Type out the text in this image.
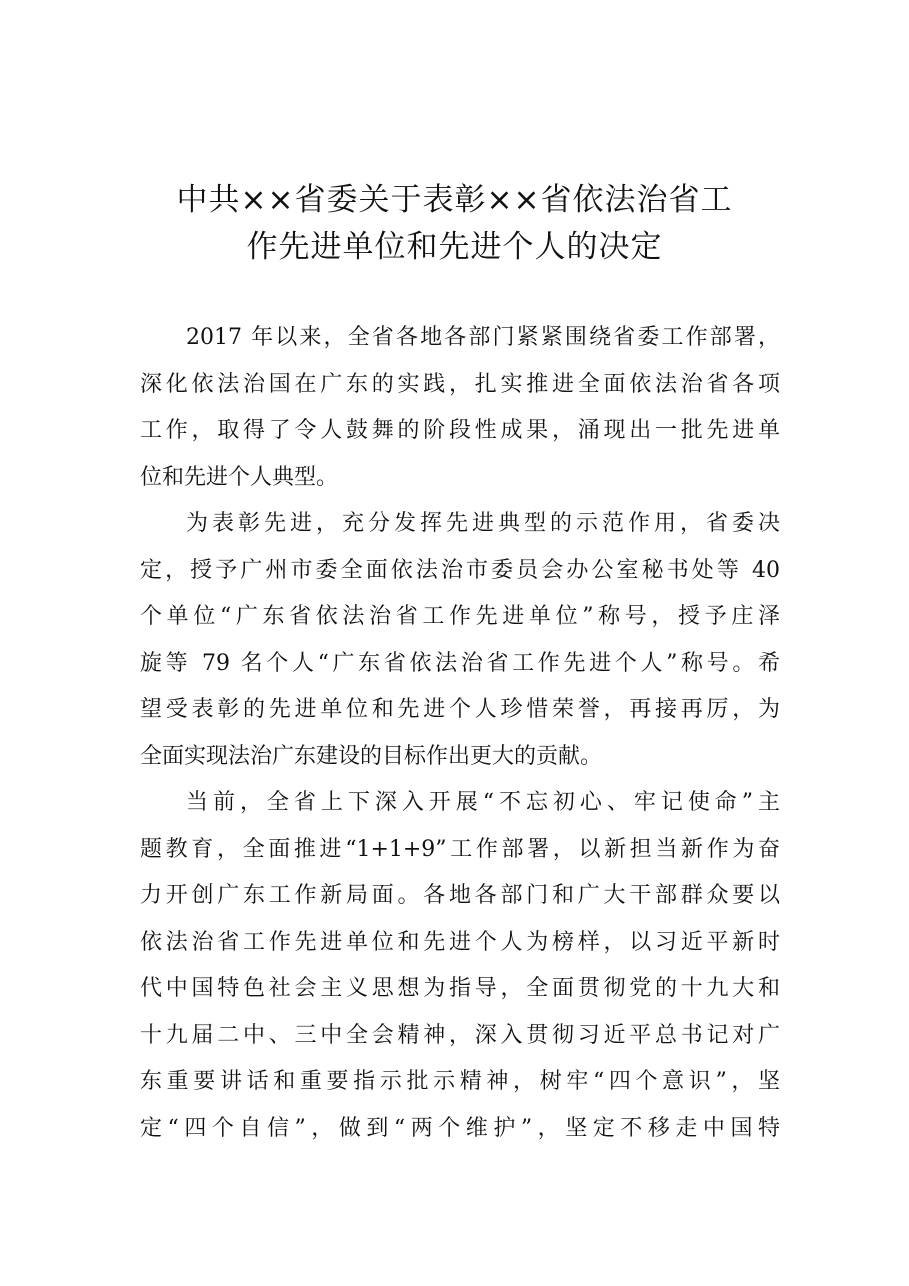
中共××省委关于表彰××省依法治省工
作先进单位和先进个人的决定
2017 年以来，全省各地各部门紧紧围绕省委工作部署，
深化依法治国在广东的实践，扎实推进全面依法治省各项
工作，取得了令人鼓舞的阶段性成果，涌现出一批先进单
位和先进个人典型。
为表彰先进，充分发挥先进典型的示范作用，省委决
定，授予广州市委全面依法治市委员会办公室秘书处等 40
个单位“广东省依法治省工作先进单位”称号，授予庄泽
旋等 79 名个人“广东省依法治省工作先进个人”称号。希
望受表彰的先进单位和先进个人珍惜荣誉，再接再厉，为
全面实现法治广东建设的目标作出更大的贡献。
当前，全省上下深入开展“不忘初心、牢记使命”主
题教育，全面推进“1+1+9”工作部署，以新担当新作为奋
力开创广东工作新局面。各地各部门和广大干部群众要以
依法治省工作先进单位和先进个人为榜样，以习近平新时
代中国特色社会主义思想为指导，全面贯彻党的十九大和
十九届二中、三中全会精神，深入贯彻习近平总书记对广
东重要讲话和重要指示批示精神，树牢“四个意识”，坚
定“四个自信”，做到“两个维护”，坚定不移走中国特
